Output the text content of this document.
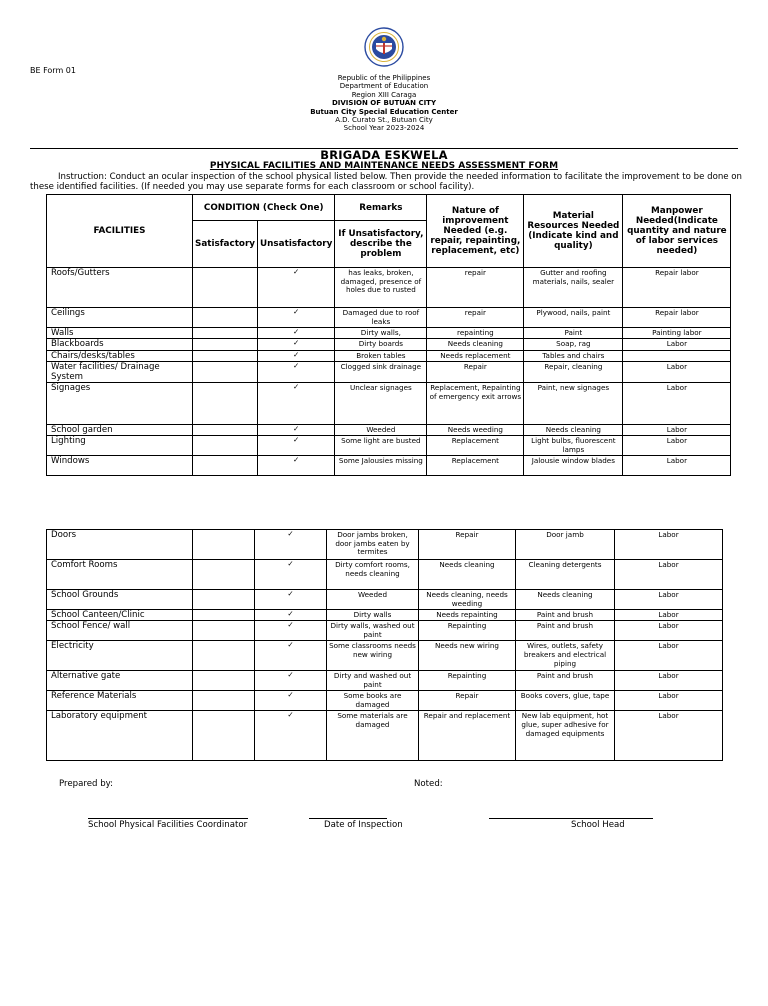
BE Form 01
Republic of the Philippines
Department of Education
Region XIII Caraga
DIVISION OF BUTUAN CITY
Butuan City Special Education Center
A.D. Curato St., Butuan City
School Year 2023-2024
BRIGADA ESKWELA
PHYSICAL FACILITIES AND MAINTENANCE NEEDS ASSESSMENT FORM
Instruction: Conduct an ocular inspection of the school physical listed below. Then provide the needed information to facilitate the improvement to be done on these identified facilities. (If needed you may use separate forms for each classroom or school facility).
FACILITIES	CONDITION (Check One)		Remarks	Nature of improvement Needed (e.g. repair, repainting, replacement, etc)	Material Resources Needed (Indicate kind and quality)	Manpower Needed(Indicate quantity and nature of labor services needed)
	Satisfactory	Unsatisfactory	If Unsatisfactory, describe the problem			
Roofs/Gutters		✓	has leaks, broken, damaged, presence of holes due to rusted	repair	Gutter and roofing materials, nails, sealer	Repair labor
Ceilings		✓	Damaged due to roof leaks	repair	Plywood, nails, paint	Repair labor
Walls		✓	Dirty walls,	repainting	Paint	Painting labor
Blackboards		✓	Dirty boards	Needs cleaning	Soap, rag	Labor
Chairs/desks/tables		✓	Broken tables	Needs replacement	Tables and chairs	
Water facilities/ Drainage System		✓	Clogged sink drainage	Repair	Repair, cleaning	Labor
Signages		✓	Unclear signages	Replacement, Repainting of emergency exit arrows	Paint, new signages	Labor
School garden		✓	Weeded	Needs weeding	Needs cleaning	Labor
Lighting		✓	Some light are busted	Replacement	Light bulbs, fluorescent lamps	Labor
Windows		✓	Some Jalousies missing	Replacement	Jalousie window blades	Labor
Doors		✓	Door jambs broken, door jambs eaten by termites	Repair	Door jamb	Labor
Comfort Rooms		✓	Dirty comfort rooms, needs cleaning	Needs cleaning	Cleaning detergents	Labor
School Grounds		✓	Weeded	Needs cleaning, needs weeding	Needs cleaning	Labor
School Canteen/Clinic		✓	Dirty walls	Needs repainting	Paint and brush	Labor
School Fence/ wall		✓	Dirty walls, washed out paint	Repainting	Paint and brush	Labor
Electricity		✓	Some classrooms needs new wiring	Needs new wiring	Wires, outlets, safety breakers and electrical piping	Labor
Alternative gate		✓	Dirty and washed out paint	Repainting	Paint and brush	Labor
Reference Materials		✓	Some books are damaged	Repair	Books covers, glue, tape	Labor
Laboratory equipment		✓	Some materials are damaged	Repair and replacement	New lab equipment, hot glue, super adhesive for damaged equipments	Labor
Prepared by:	Noted:
School Physical Facilities Coordinator	Date of Inspection	School Head
